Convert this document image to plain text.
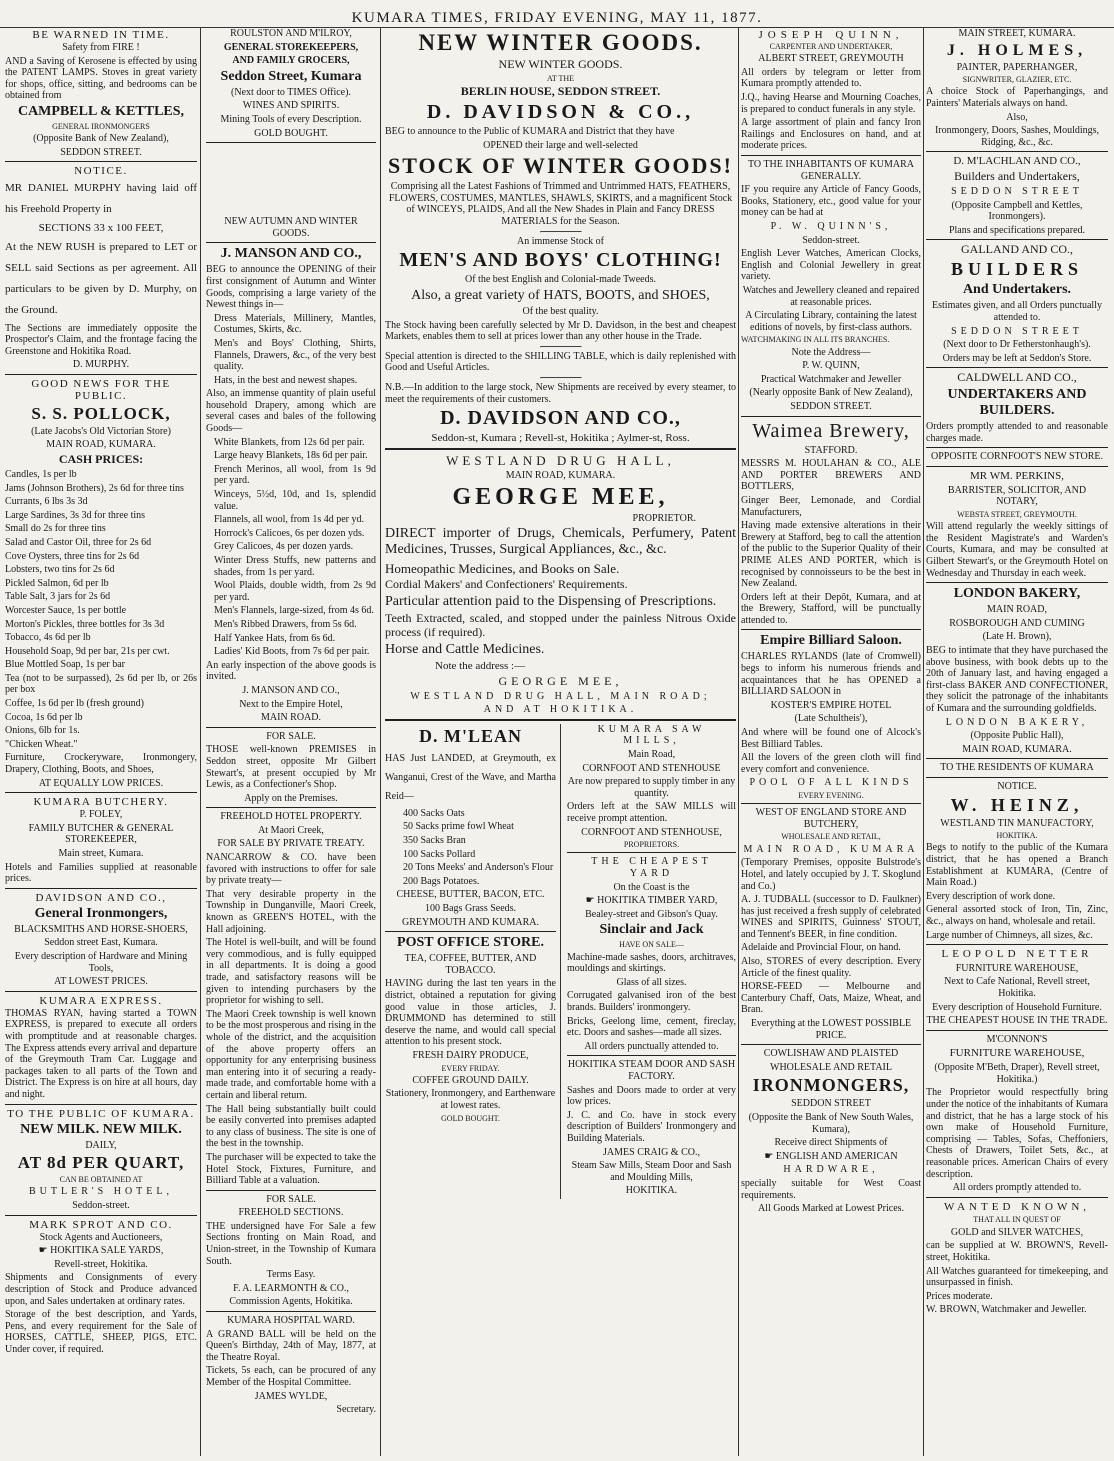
KUMARA TIMES, FRIDAY EVENING, MAY 11, 1877.
BE WARNED IN TIME.
Safety from FIRE !
AND a Saving of Kerosene is effected by using the PATENT LAMPS. Stoves in great variety for shops, office, sitting, and bedrooms can be obtained from
CAMPBELL & KETTLES,
GENERAL IRONMONGERS
(Opposite Bank of New Zealand),
SEDDON STREET.
NOTICE.
MR DANIEL MURPHY having laid off his Freehold Property in
SECTIONS 33 x 100 FEET,
At the NEW RUSH is prepared to LET or SELL said Sections as per agreement. All particulars to be given by D. Murphy, on the Ground.
The Sections are immediately opposite the Prospector's Claim, and the frontage facing the Greenstone and Hokitika Road.
D. MURPHY.
GOOD NEWS FOR THE PUBLIC.
S. S. POLLOCK,
(Late Jacobs's Old Victorian Store)
MAIN ROAD, KUMARA.
CASH PRICES:
Candles, 1s per lb
Jams (Johnson Brothers), 2s 6d for three tins
Currants, 6 lbs 3s 3d
Large Sardines, 3s 3d for three tins
Small do 2s for three tins
Salad and Castor Oil, three for 2s 6d
Cove Oysters, three tins for 2s 6d
Lobsters, two tins for 2s 6d
Pickled Salmon, 6d per lb
Table Salt, 3 jars for 2s 6d
Worcester Sauce, 1s per bottle
Morton's Pickles, three bottles for 3s 3d
Tobacco, 4s 6d per lb
Household Soap, 9d per bar, 21s per cwt.
Blue Mottled Soap, 1s per bar
Tea (not to be surpassed), 2s 6d per lb, or 26s per box
Coffee, 1s 6d per lb (fresh ground)
Cocoa, 1s 6d per lb
Onions, 6lb for 1s.
"Chicken Wheat."
Furniture, Crockeryware, Ironmongery, Drapery, Clothing, Boots, and Shoes,
AT EQUALLY LOW PRICES.
KUMARA BUTCHERY.
P. FOLEY,
FAMILY BUTCHER & GENERAL STOREKEEPER,
Main street, Kumara.
Hotels and Families supplied at reasonable prices.
DAVIDSON AND CO.,
General Ironmongers,
BLACKSMITHS AND HORSE-SHOERS,
Seddon street East, Kumara.
Every description of Hardware and Mining Tools,
AT LOWEST PRICES.
KUMARA EXPRESS.
THOMAS RYAN, having started a TOWN EXPRESS, is prepared to execute all orders with promptitude and at reasonable charges. The Express attends every arrival and departure of the Greymouth Tram Car. Luggage and packages taken to all parts of the Town and District. The Express is on hire at all hours, day and night.
TO THE PUBLIC OF KUMARA.
NEW MILK. NEW MILK.
DAILY,
AT 8d PER QUART,
CAN BE OBTAINED AT
BUTLER'S HOTEL,
Seddon-street.
MARK SPROT AND CO.
Stock Agents and Auctioneers,
☛ HOKITIKA SALE YARDS,
Revell-street, Hokitika.
Shipments and Consignments of every description of Stock and Produce advanced upon, and Sales undertaken at ordinary rates.
Storage of the best description, and Yards, Pens, and every requirement for the Sale of HORSES, CATTLE, SHEEP, PIGS, ETC. Under cover, if required.
ROULSTON AND M'ILROY,
GENERAL STOREKEEPERS,
AND FAMILY GROCERS,
Seddon Street, Kumara
(Next door to TIMES Office).
WINES AND SPIRITS.
Mining Tools of every Description.
GOLD BOUGHT.
NEW AUTUMN AND WINTER GOODS.
J. MANSON AND CO.,
BEG to announce the OPENING of their first consignment of Autumn and Winter Goods, comprising a large variety of the Newest things in—
Dress Materials, Millinery, Mantles, Costumes, Skirts, &c.
Men's and Boys' Clothing, Shirts, Flannels, Drawers, &c., of the very best quality.
Hats, in the best and newest shapes.
Also, an immense quantity of plain useful household Drapery, among which are several cases and bales of the following Goods—
White Blankets, from 12s 6d per pair.
Large heavy Blankets, 18s 6d per pair.
French Merinos, all wool, from 1s 9d per yard.
Winceys, 5½d, 10d, and 1s, splendid value.
Flannels, all wool, from 1s 4d per yd.
Horrock's Calicoes, 6s per dozen yds.
Grey Calicoes, 4s per dozen yards.
Winter Dress Stuffs, new patterns and shades, from 1s per yard.
Wool Plaids, double width, from 2s 9d per yard.
Men's Flannels, large-sized, from 4s 6d.
Men's Ribbed Drawers, from 5s 6d.
Half Yankee Hats, from 6s 6d.
Ladies' Kid Boots, from 7s 6d per pair.
An early inspection of the above goods is invited.
J. MANSON AND CO.,
Next to the Empire Hotel,
MAIN ROAD.
FOR SALE.
THOSE well-known PREMISES in Seddon street, opposite Mr Gilbert Stewart's, at present occupied by Mr Lewis, as a Confectioner's Shop.
Apply on the Premises.
FREEHOLD HOTEL PROPERTY.
At Maori Creek,
FOR SALE BY PRIVATE TREATY.
NANCARROW & CO. have been favored with instructions to offer for sale by private treaty—
That very desirable property in the Township in Dunganville, Maori Creek, known as GREEN'S HOTEL, with the Hall adjoining.
The Hotel is well-built, and will be found very commodious, and is fully equipped in all departments. It is doing a good trade, and satisfactory reasons will be given to intending purchasers by the proprietor for wishing to sell.
The Maori Creek township is well known to be the most prosperous and rising in the whole of the district, and the acquisition of the above property offers an opportunity for any enterprising business man entering into it of securing a ready-made trade, and comfortable home with a certain and liberal return.
The Hall being substantially built could be easily converted into premises adapted to any class of business. The site is one of the best in the township.
The purchaser will be expected to take the Hotel Stock, Fixtures, Furniture, and Billiard Table at a valuation.
FOR SALE.
FREEHOLD SECTIONS.
THE undersigned have For Sale a few Sections fronting on Main Road, and Union-street, in the Township of Kumara South.
Terms Easy.
F. A. LEARMONTH & CO.,
Commission Agents, Hokitika.
KUMARA HOSPITAL WARD.
A GRAND BALL will be held on the Queen's Birthday, 24th of May, 1877, at the Theatre Royal.
Tickets, 5s each, can be procured of any Member of the Hospital Committee.
JAMES WYLDE,
Secretary.
NEW WINTER GOODS.
NEW WINTER GOODS.
AT THE
BERLIN HOUSE, SEDDON STREET.
D. DAVIDSON & CO.,
BEG to announce to the Public of KUMARA and District that they have
OPENED their large and well-selected
STOCK OF WINTER GOODS!
Comprising all the Latest Fashions of Trimmed and Untrimmed HATS, FEATHERS, FLOWERS, COSTUMES, MANTLES, SHAWLS, SKIRTS, and a magnificent Stock of WINCEYS, PLAIDS, And all the New Shades in Plain and Fancy DRESS MATERIALS for the Season.
An immense Stock of
MEN'S AND BOYS' CLOTHING!
Of the best English and Colonial-made Tweeds.
Also, a great variety of HATS, BOOTS, and SHOES,
Of the best quality.
The Stock having been carefully selected by Mr D. Davidson, in the best and cheapest Markets, enables them to sell at prices lower than any other house in the Trade.
Special attention is directed to the SHILLING TABLE, which is daily replenished with Good and Useful Articles.
N.B.—In addition to the large stock, New Shipments are received by every steamer, to meet the requirements of their customers.
D. DAVIDSON AND CO.,
Seddon-st, Kumara ; Revell-st, Hokitika ; Aylmer-st, Ross.
WESTLAND DRUG HALL,
MAIN ROAD, KUMARA.
GEORGE MEE,
PROPRIETOR.
DIRECT importer of Drugs, Chemicals, Perfumery, Patent Medicines, Trusses, Surgical Appliances, &c., &c.
Homeopathic Medicines, and Books on Sale.
Cordial Makers' and Confectioners' Requirements.
Particular attention paid to the Dispensing of Prescriptions.
Teeth Extracted, scaled, and stopped under the painless Nitrous Oxide process (if required).
Horse and Cattle Medicines.
Note the address :—
GEORGE MEE,
WESTLAND DRUG HALL, MAIN ROAD;
AND AT HOKITIKA.
D. M'LEAN
HAS Just LANDED, at Greymouth, ex Wanganui, Crest of the Wave, and Martha Reid—
400 Sacks Oats
50 Sacks prime fowl Wheat
350 Sacks Bran
100 Sacks Pollard
20 Tons Meeks' and Anderson's Flour
200 Bags Potatoes.
CHEESE, BUTTER, BACON, ETC.
100 Bags Grass Seeds.
GREYMOUTH AND KUMARA.
POST OFFICE STORE.
TEA, COFFEE, BUTTER, AND TOBACCO.
HAVING during the last ten years in the district, obtained a reputation for giving good value in those articles, J. DRUMMOND has determined to still deserve the name, and would call special attention to his present stock.
FRESH DAIRY PRODUCE,
EVERY FRIDAY.
COFFEE GROUND DAILY.
Stationery, Ironmongery, and Earthenware at lowest rates.
GOLD BOUGHT.
KUMARA SAW MILLS,
Main Road,
CORNFOOT AND STENHOUSE
Are now prepared to supply timber in any quantity.
Orders left at the SAW MILLS will receive prompt attention.
CORNFOOT AND STENHOUSE,
PROPRIETORS.
THE CHEAPEST YARD
On the Coast is the
☛ HOKITIKA TIMBER YARD,
Bealey-street and Gibson's Quay.
Sinclair and Jack
HAVE ON SALE—
Machine-made sashes, doors, architraves, mouldings and skirtings.
Glass of all sizes.
Corrugated galvanised iron of the best brands. Builders' ironmongery.
Bricks, Geelong lime, cement, fireclay, etc. Doors and sashes—made all sizes.
All orders punctually attended to.
HOKITIKA STEAM DOOR AND SASH FACTORY.
Sashes and Doors made to order at very low prices.
J. C. and Co. have in stock every description of Builders' Ironmongery and Building Materials.
JAMES CRAIG & CO.,
Steam Saw Mills, Steam Door and Sash and Moulding Mills,
HOKITIKA.
JOSEPH QUINN,
CARPENTER AND UNDERTAKER,
ALBERT STREET, GREYMOUTH
All orders by telegram or letter from Kumara promptly attended to.
J.Q., having Hearse and Mourning Coaches, is prepared to conduct funerals in any style.
A large assortment of plain and fancy Iron Railings and Enclosures on hand, and at moderate prices.
TO THE INHABITANTS OF KUMARA GENERALLY.
IF you require any Article of Fancy Goods, Books, Stationery, etc., good value for your money can be had at
P. W. QUINN'S,
Seddon-street.
English Lever Watches, American Clocks, English and Colonial Jewellery in great variety.
Watches and Jewellery cleaned and repaired at reasonable prices.
A Circulating Library, containing the latest editions of novels, by first-class authors.
WATCHMAKING IN ALL ITS BRANCHES.
Note the Address—
P. W. QUINN,
Practical Watchmaker and Jeweller
(Nearly opposite Bank of New Zealand),
SEDDON STREET.
Waimea Brewery,
STAFFORD.
MESSRS M. HOULAHAN & CO., ALE AND PORTER BREWERS AND BOTTLERS,
Ginger Beer, Lemonade, and Cordial Manufacturers,
Having made extensive alterations in their Brewery at Stafford, beg to call the attention of the public to the Superior Quality of their PRIME ALES AND PORTER, which is recognised by connoisseurs to be the best in New Zealand.
Orders left at their Depôt, Kumara, and at the Brewery, Stafford, will be punctually attended to.
Empire Billiard Saloon.
CHARLES RYLANDS (late of Cromwell) begs to inform his numerous friends and acquaintances that he has OPENED a BILLIARD SALOON in
KOSTER'S EMPIRE HOTEL
(Late Schultheis'),
And where will be found one of Alcock's Best Billiard Tables.
All the lovers of the green cloth will find every comfort and convenience.
POOL OF ALL KINDS
EVERY EVENING.
WEST OF ENGLAND STORE AND BUTCHERY,
WHOLESALE AND RETAIL,
MAIN ROAD, KUMARA
(Temporary Premises, opposite Bulstrode's Hotel, and lately occupied by J. T. Skoglund and Co.)
A. J. TUDBALL (successor to D. Faulkner) has just received a fresh supply of celebrated WINES and SPIRITS, Guinness' STOUT, and Tennent's BEER, in fine condition.
Adelaide and Provincial Flour, on hand.
Also, STORES of every description. Every Article of the finest quality.
HORSE-FEED — Melbourne and Canterbury Chaff, Oats, Maize, Wheat, and Bran.
Everything at the LOWEST POSSIBLE PRICE.
COWLISHAW AND PLAISTED
WHOLESALE AND RETAIL
IRONMONGERS,
SEDDON STREET
(Opposite the Bank of New South Wales, Kumara),
Receive direct Shipments of
☛ ENGLISH AND AMERICAN
HARDWARE,
specially suitable for West Coast requirements.
All Goods Marked at Lowest Prices.
MAIN STREET, KUMARA.
J. HOLMES,
PAINTER, PAPERHANGER,
SIGNWRITER, GLAZIER, ETC.
A choice Stock of Paperhangings, and Painters' Materials always on hand.
Also,
Ironmongery, Doors, Sashes, Mouldings, Ridging, &c., &c.
D. M'LACHLAN AND CO.,
Builders and Undertakers,
SEDDON STREET
(Opposite Campbell and Kettles, Ironmongers).
Plans and specifications prepared.
GALLAND AND CO.,
BUILDERS
And Undertakers.
Estimates given, and all Orders punctually attended to.
SEDDON STREET
(Next door to Dr Fetherstonhaugh's).
Orders may be left at Seddon's Store.
CALDWELL AND CO.,
UNDERTAKERS AND BUILDERS.
Orders promptly attended to and reasonable charges made.
OPPOSITE CORNFOOT'S NEW STORE.
MR WM. PERKINS,
BARRISTER, SOLICITOR, AND NOTARY,
WEBSTA STREET, GREYMOUTH.
Will attend regularly the weekly sittings of the Resident Magistrate's and Warden's Courts, Kumara, and may be consulted at Gilbert Stewart's, or the Greymouth Hotel on Wednesday and Thursday in each week.
LONDON BAKERY,
MAIN ROAD,
ROSBOROUGH AND CUMING
(Late H. Brown),
BEG to intimate that they have purchased the above business, with book debts up to the 20th of January last, and having engaged a first-class BAKER AND CONFECTIONER, they solicit the patronage of the inhabitants of Kumara and the surrounding goldfields.
LONDON BAKERY,
(Opposite Public Hall),
MAIN ROAD, KUMARA.
TO THE RESIDENTS OF KUMARA
NOTICE.
W. HEINZ,
WESTLAND TIN MANUFACTORY,
HOKITIKA.
Begs to notify to the public of the Kumara district, that he has opened a Branch Establishment at KUMARA, (Centre of Main Road.)
Every description of work done.
General assorted stock of Iron, Tin, Zinc, &c., always on hand, wholesale and retail.
Large number of Chimneys, all sizes, &c.
LEOPOLD NETTER
FURNITURE WAREHOUSE,
Next to Cafe National, Revell street, Hokitika.
Every description of Household Furniture.
THE CHEAPEST HOUSE IN THE TRADE.
M'CONNON'S
FURNITURE WAREHOUSE,
(Opposite M'Beth, Draper), Revell street, Hokitika.)
The Proprietor would respectfully bring under the notice of the inhabitants of Kumara and district, that he has a large stock of his own make of Household Furniture, comprising — Tables, Sofas, Cheffoniers, Chests of Drawers, Toilet Sets, &c., at reasonable prices. American Chairs of every description.
All orders promptly attended to.
WANTED KNOWN,
THAT ALL IN QUEST OF
GOLD and SILVER WATCHES,
can be supplied at W. BROWN'S, Revell-street, Hokitika.
All Watches guaranteed for timekeeping, and unsurpassed in finish.
Prices moderate.
W. BROWN, Watchmaker and Jeweller.
